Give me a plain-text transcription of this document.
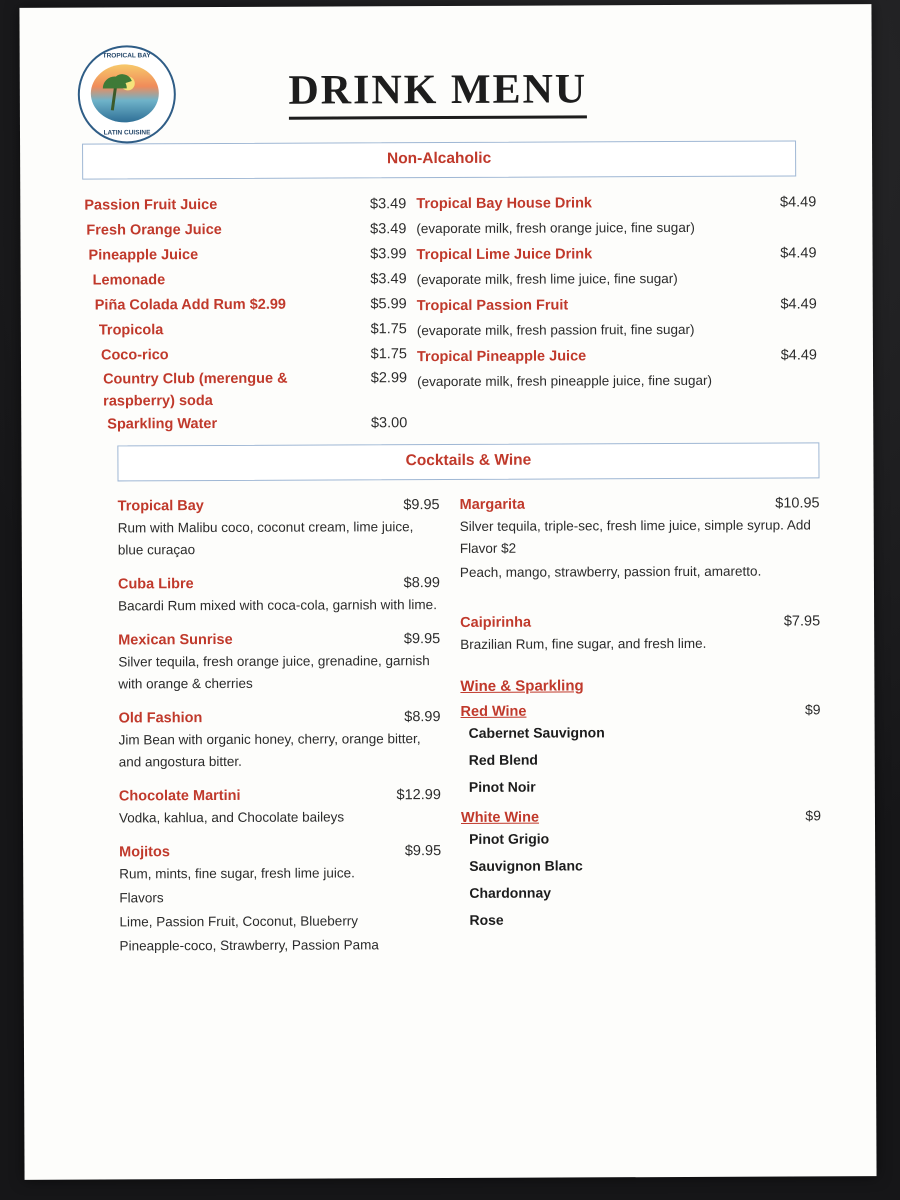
TROPICAL BAY
LATIN CUISINE
DRINK MENU
Non-Alcaholic
Passion Fruit Juice	$3.49
Fresh Orange Juice	$3.49
Pineapple Juice	$3.99
Lemonade	$3.49
Piña Colada Add Rum $2.99	$5.99
Tropicola	$1.75
Coco-rico	$1.75
Country Club (merengue & raspberry) soda
$2.99
Sparkling Water	$3.00
Tropical Bay House Drink	$4.49
(evaporate milk, fresh orange juice, fine sugar)
Tropical Lime Juice Drink	$4.49
(evaporate milk, fresh lime juice, fine sugar)
Tropical Passion Fruit	$4.49
(evaporate milk, fresh passion fruit, fine sugar)
Tropical Pineapple Juice	$4.49
(evaporate milk, fresh pineapple juice, fine sugar)
Cocktails & Wine
Tropical Bay	$9.95
Rum with Malibu coco, coconut cream, lime juice, blue curaçao
Cuba Libre	$8.99
Bacardi Rum mixed with coca-cola, garnish with lime.
Mexican Sunrise	$9.95
Silver tequila, fresh orange juice, grenadine, garnish with orange & cherries
Old Fashion	$8.99
Jim Bean with organic honey, cherry, orange bitter, and angostura bitter.
Chocolate Martini	$12.99
Vodka, kahlua, and Chocolate baileys
Mojitos	$9.95
Rum, mints, fine sugar, fresh lime juice.
Flavors
Lime, Passion Fruit, Coconut, Blueberry
Pineapple-coco, Strawberry, Passion Pama
Margarita	$10.95
Silver tequila, triple-sec, fresh lime juice, simple syrup. Add Flavor $2
Peach, mango, strawberry, passion fruit, amaretto.
Caipirinha	$7.95
Brazilian Rum, fine sugar, and fresh lime.
Wine & Sparkling
Red Wine	$9
Cabernet Sauvignon
Red Blend
Pinot Noir
White Wine	$9
Pinot Grigio
Sauvignon Blanc
Chardonnay
Rose
